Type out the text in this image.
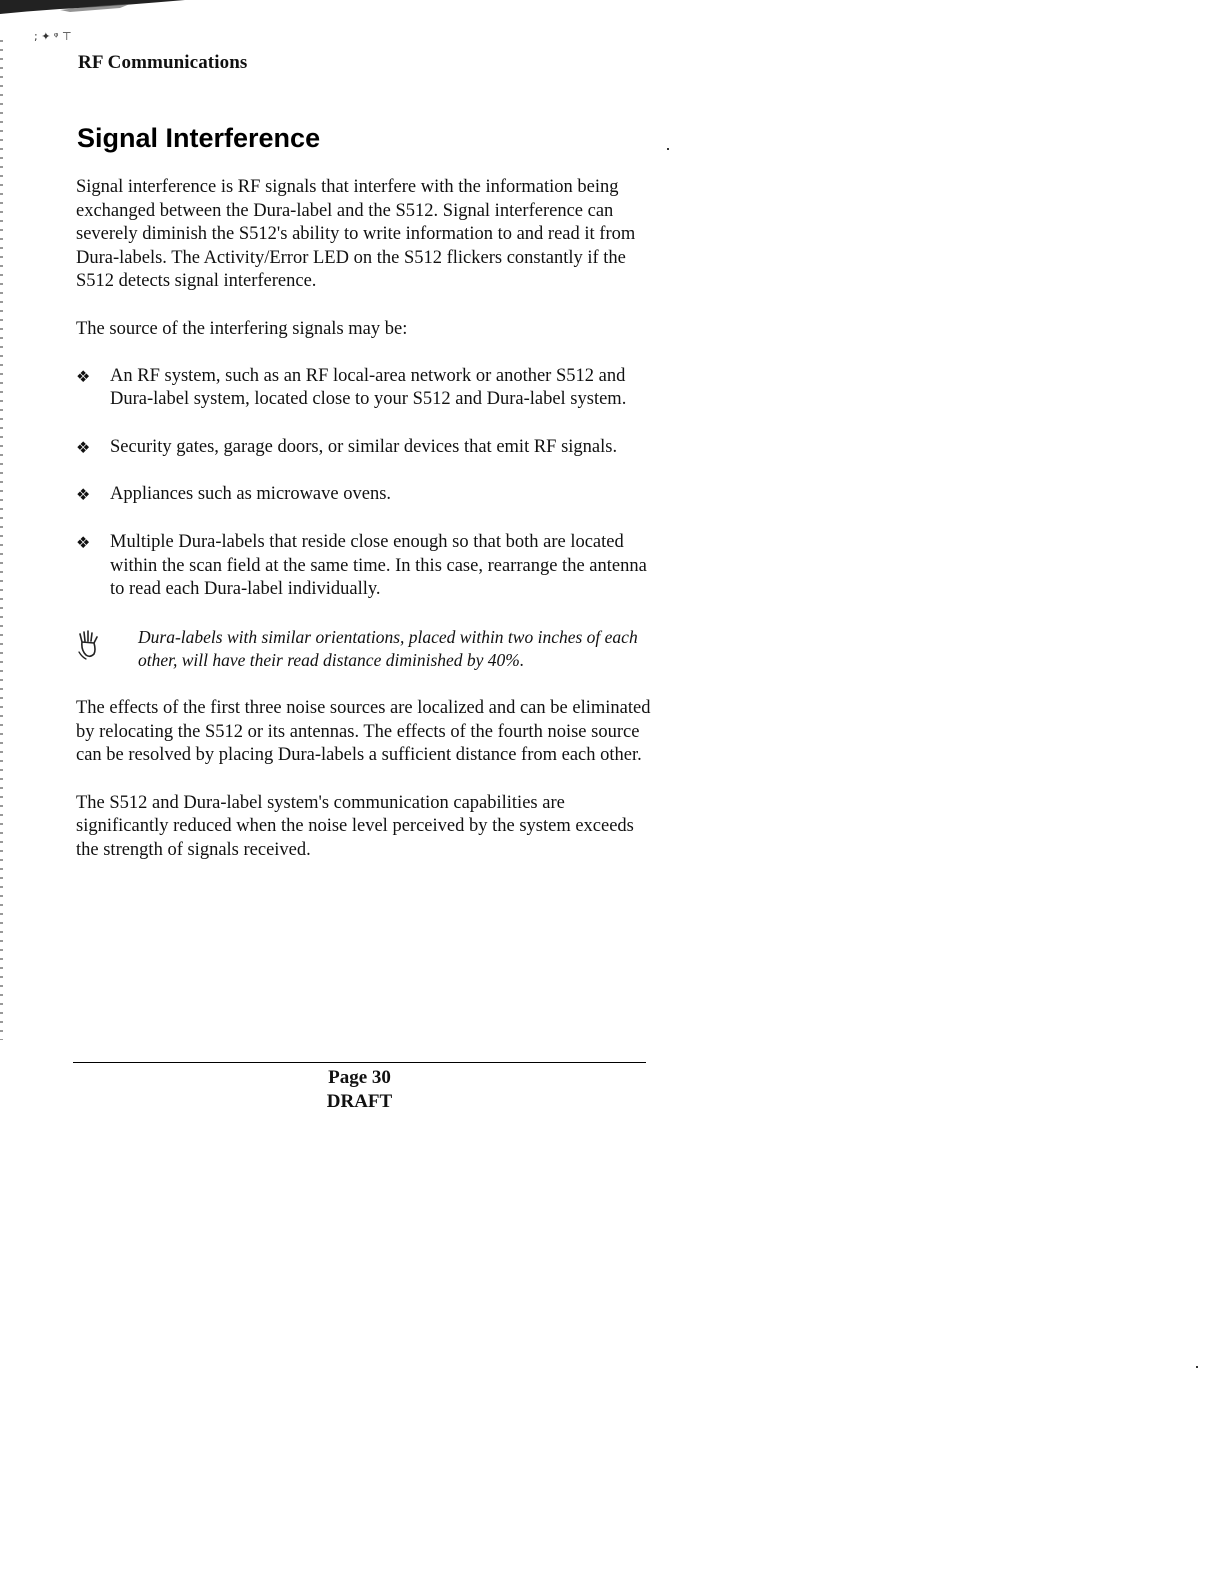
; ✦ ᵠ ⊤
RF Communications
Signal Interference

Signal interference is RF signals that interfere with the information being exchanged between the Dura-label and the S512. Signal interference can severely diminish the S512's ability to write information to and read it from Dura-labels. The Activity/Error LED on the S512 flickers constantly if the S512 detects signal interference.

The source of the interfering signals may be:

❖ An RF system, such as an RF local-area network or another S512 and Dura-label system, located close to your S512 and Dura-label system.
❖ Security gates, garage doors, or similar devices that emit RF signals.
❖ Appliances such as microwave ovens.
❖ Multiple Dura-labels that reside close enough so that both are located within the scan field at the same time. In this case, rearrange the antenna to read each Dura-label individually.
Dura-labels with similar orientations, placed within two inches of each other, will have their read distance diminished by 40%.

The effects of the first three noise sources are localized and can be eliminated by relocating the S512 or its antennas. The effects of the fourth noise source can be resolved by placing Dura-labels a sufficient distance from each other.

The S512 and Dura-label system's communication capabilities are significantly reduced when the noise level perceived by the system exceeds the strength of signals received.

Page 30
DRAFT
